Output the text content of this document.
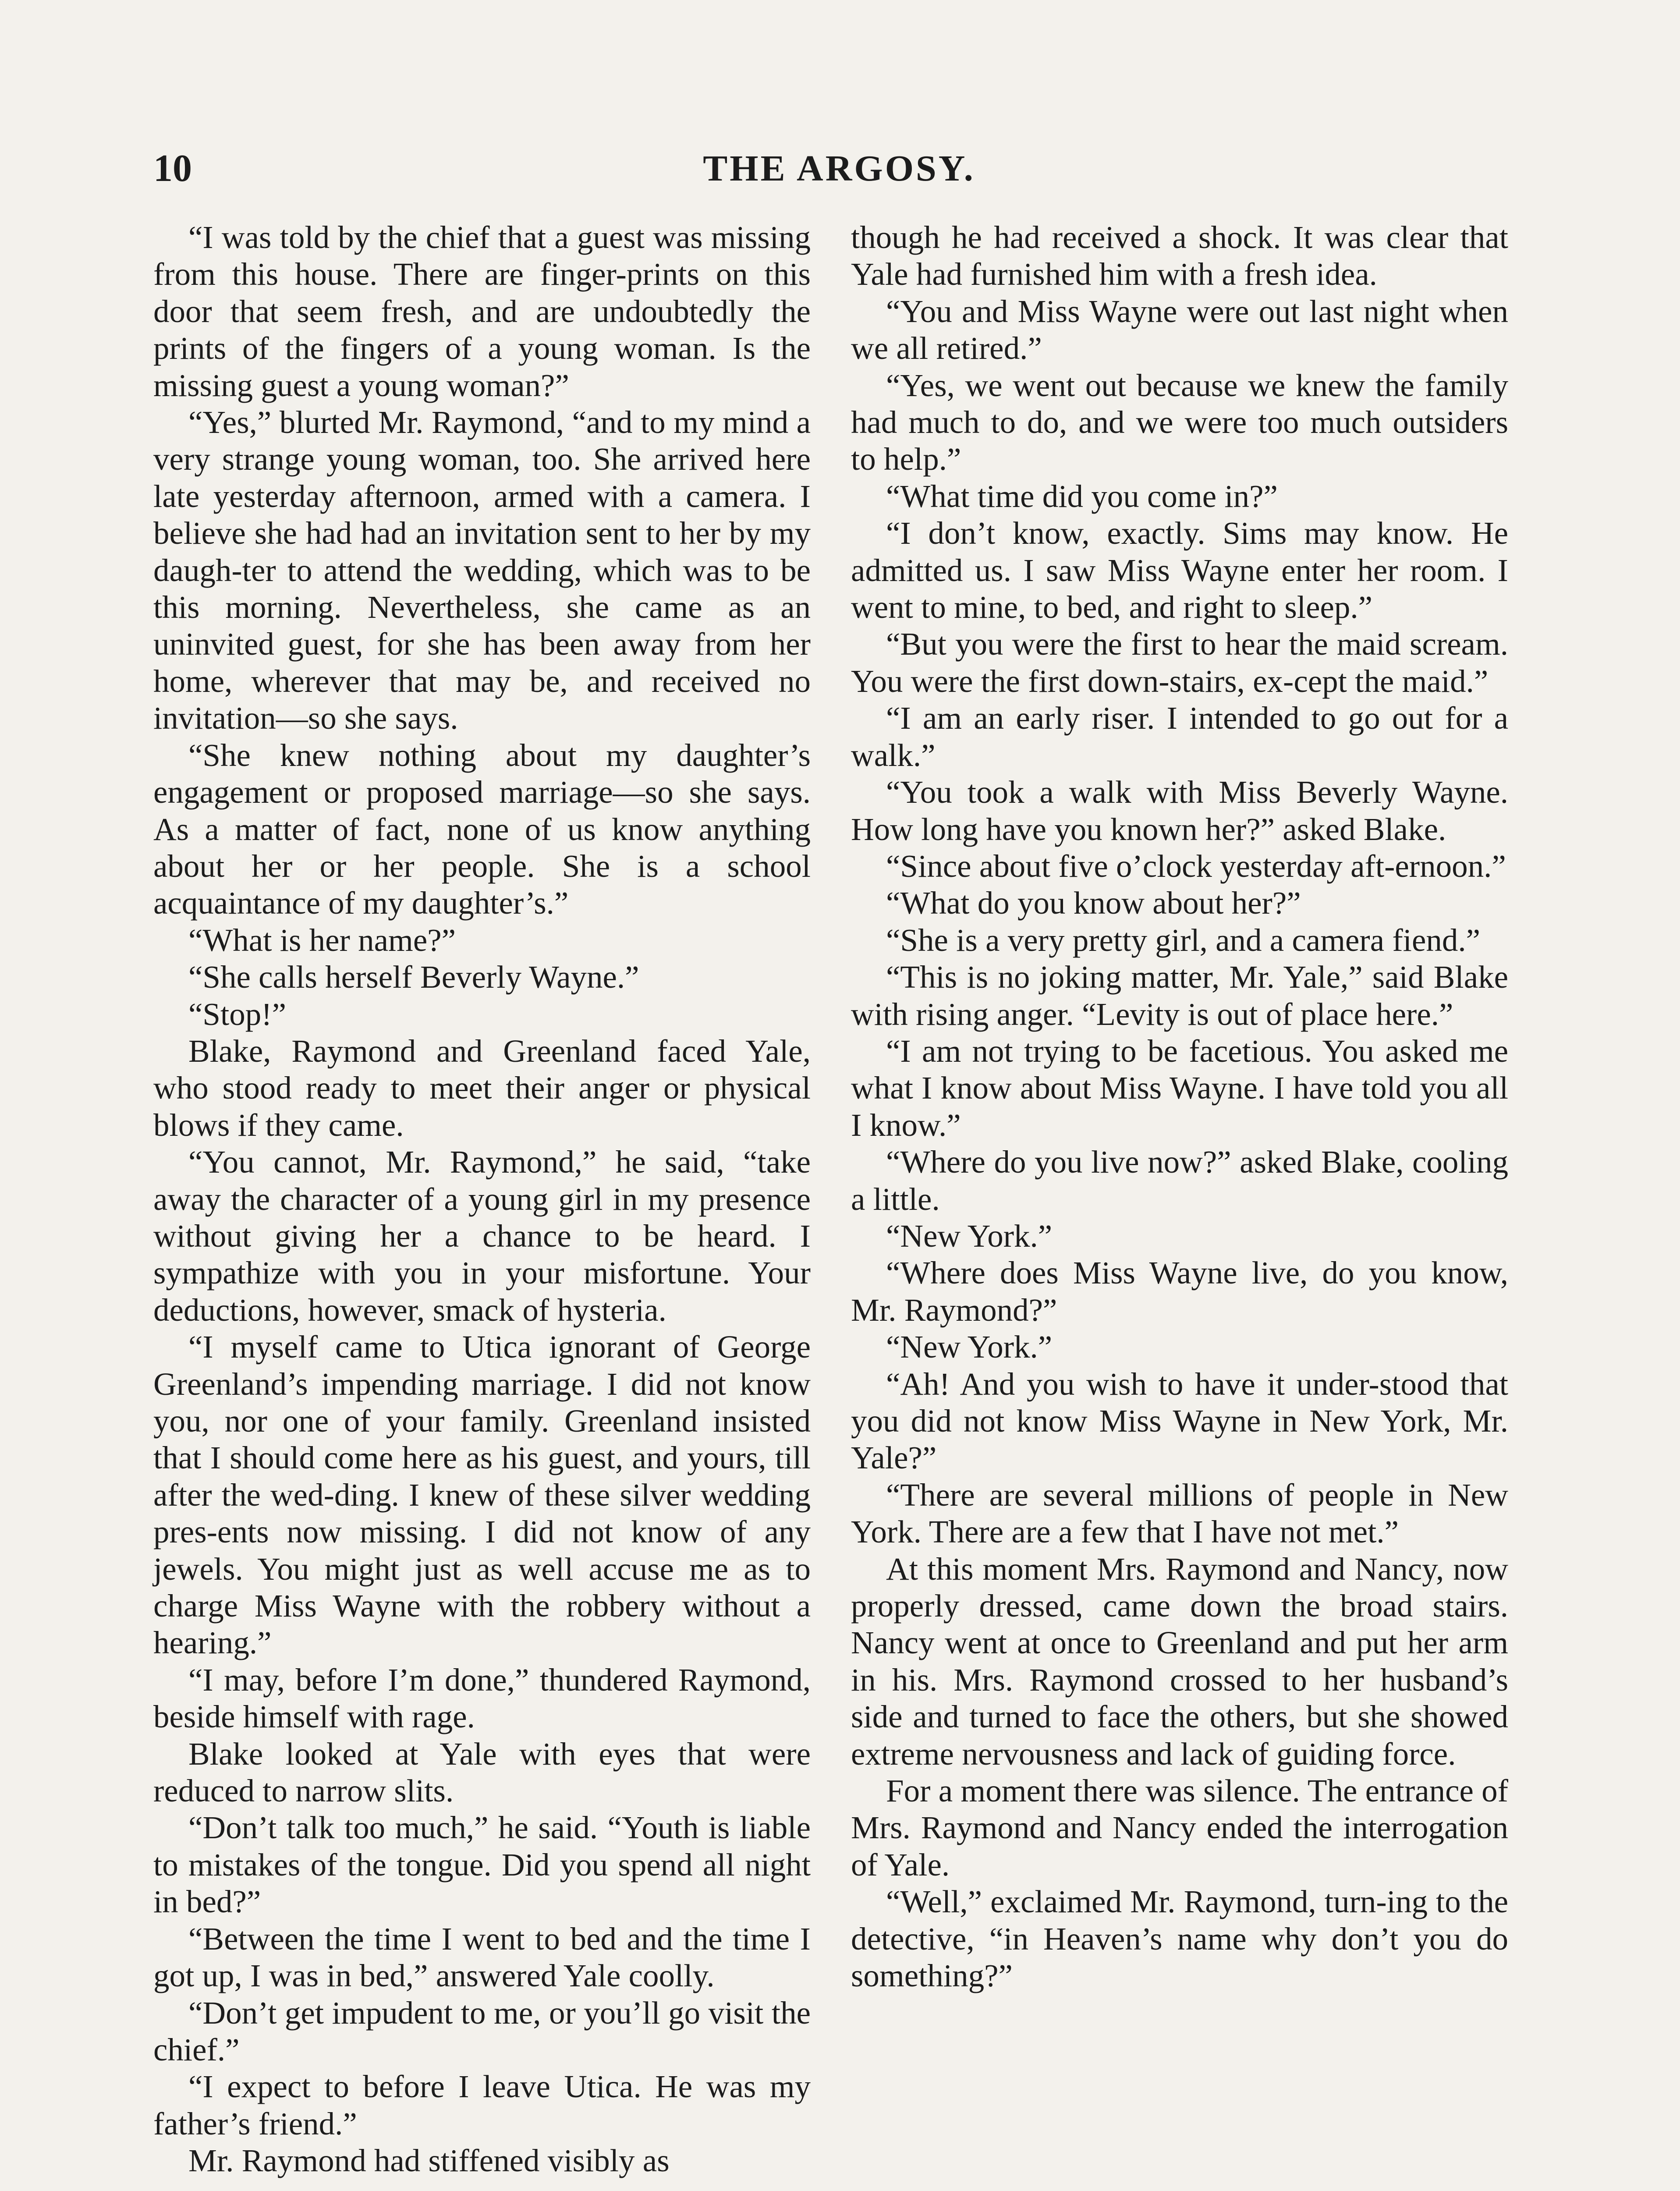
10	THE ARGOSY.

“I was told by the chief that a guest was missing from this house. There are finger-prints on this door that seem fresh, and are undoubtedly the prints of the fingers of a young woman. Is the missing guest a young woman?”

“Yes,” blurted Mr. Raymond, “and to my mind a very strange young woman, too. She arrived here late yesterday afternoon, armed with a camera. I believe she had had an invitation sent to her by my daugh-ter to attend the wedding, which was to be this morning. Nevertheless, she came as an uninvited guest, for she has been away from her home, wherever that may be, and received no invitation—so she says.

“She knew nothing about my daughter’s engagement or proposed marriage—so she says. As a matter of fact, none of us know anything about her or her people. She is a school acquaintance of my daughter’s.”

“What is her name?”

“She calls herself Beverly Wayne.”

“Stop!”

Blake, Raymond and Greenland faced Yale, who stood ready to meet their anger or physical blows if they came.

“You cannot, Mr. Raymond,” he said, “take away the character of a young girl in my presence without giving her a chance to be heard. I sympathize with you in your misfortune. Your deductions, however, smack of hysteria.

“I myself came to Utica ignorant of George Greenland’s impending marriage. I did not know you, nor one of your family. Greenland insisted that I should come here as his guest, and yours, till after the wed-ding. I knew of these silver wedding pres-ents now missing. I did not know of any jewels. You might just as well accuse me as to charge Miss Wayne with the robbery without a hearing.”

“I may, before I’m done,” thundered Raymond, beside himself with rage.

Blake looked at Yale with eyes that were reduced to narrow slits.

“Don’t talk too much,” he said. “Youth is liable to mistakes of the tongue. Did you spend all night in bed?”

“Between the time I went to bed and the time I got up, I was in bed,” answered Yale coolly.

“Don’t get impudent to me, or you’ll go visit the chief.”

“I expect to before I leave Utica. He was my father’s friend.”

Mr. Raymond had stiffened visibly as

though he had received a shock. It was clear that Yale had furnished him with a fresh idea.

“You and Miss Wayne were out last night when we all retired.”

“Yes, we went out because we knew the family had much to do, and we were too much outsiders to help.”

“What time did you come in?”

“I don’t know, exactly. Sims may know. He admitted us. I saw Miss Wayne enter her room. I went to mine, to bed, and right to sleep.”

“But you were the first to hear the maid scream. You were the first down-stairs, ex-cept the maid.”

“I am an early riser. I intended to go out for a walk.”

“You took a walk with Miss Beverly Wayne. How long have you known her?” asked Blake.

“Since about five o’clock yesterday aft-ernoon.”

“What do you know about her?”

“She is a very pretty girl, and a camera fiend.”

“This is no joking matter, Mr. Yale,” said Blake with rising anger. “Levity is out of place here.”

“I am not trying to be facetious. You asked me what I know about Miss Wayne. I have told you all I know.”

“Where do you live now?” asked Blake, cooling a little.

“New York.”

“Where does Miss Wayne live, do you know, Mr. Raymond?”

“New York.”

“Ah! And you wish to have it under-stood that you did not know Miss Wayne in New York, Mr. Yale?”

“There are several millions of people in New York. There are a few that I have not met.”

At this moment Mrs. Raymond and Nancy, now properly dressed, came down the broad stairs. Nancy went at once to Greenland and put her arm in his. Mrs. Raymond crossed to her husband’s side and turned to face the others, but she showed extreme nervousness and lack of guiding force.

For a moment there was silence. The entrance of Mrs. Raymond and Nancy ended the interrogation of Yale.

“Well,” exclaimed Mr. Raymond, turn-ing to the detective, “in Heaven’s name why don’t you do something?”
